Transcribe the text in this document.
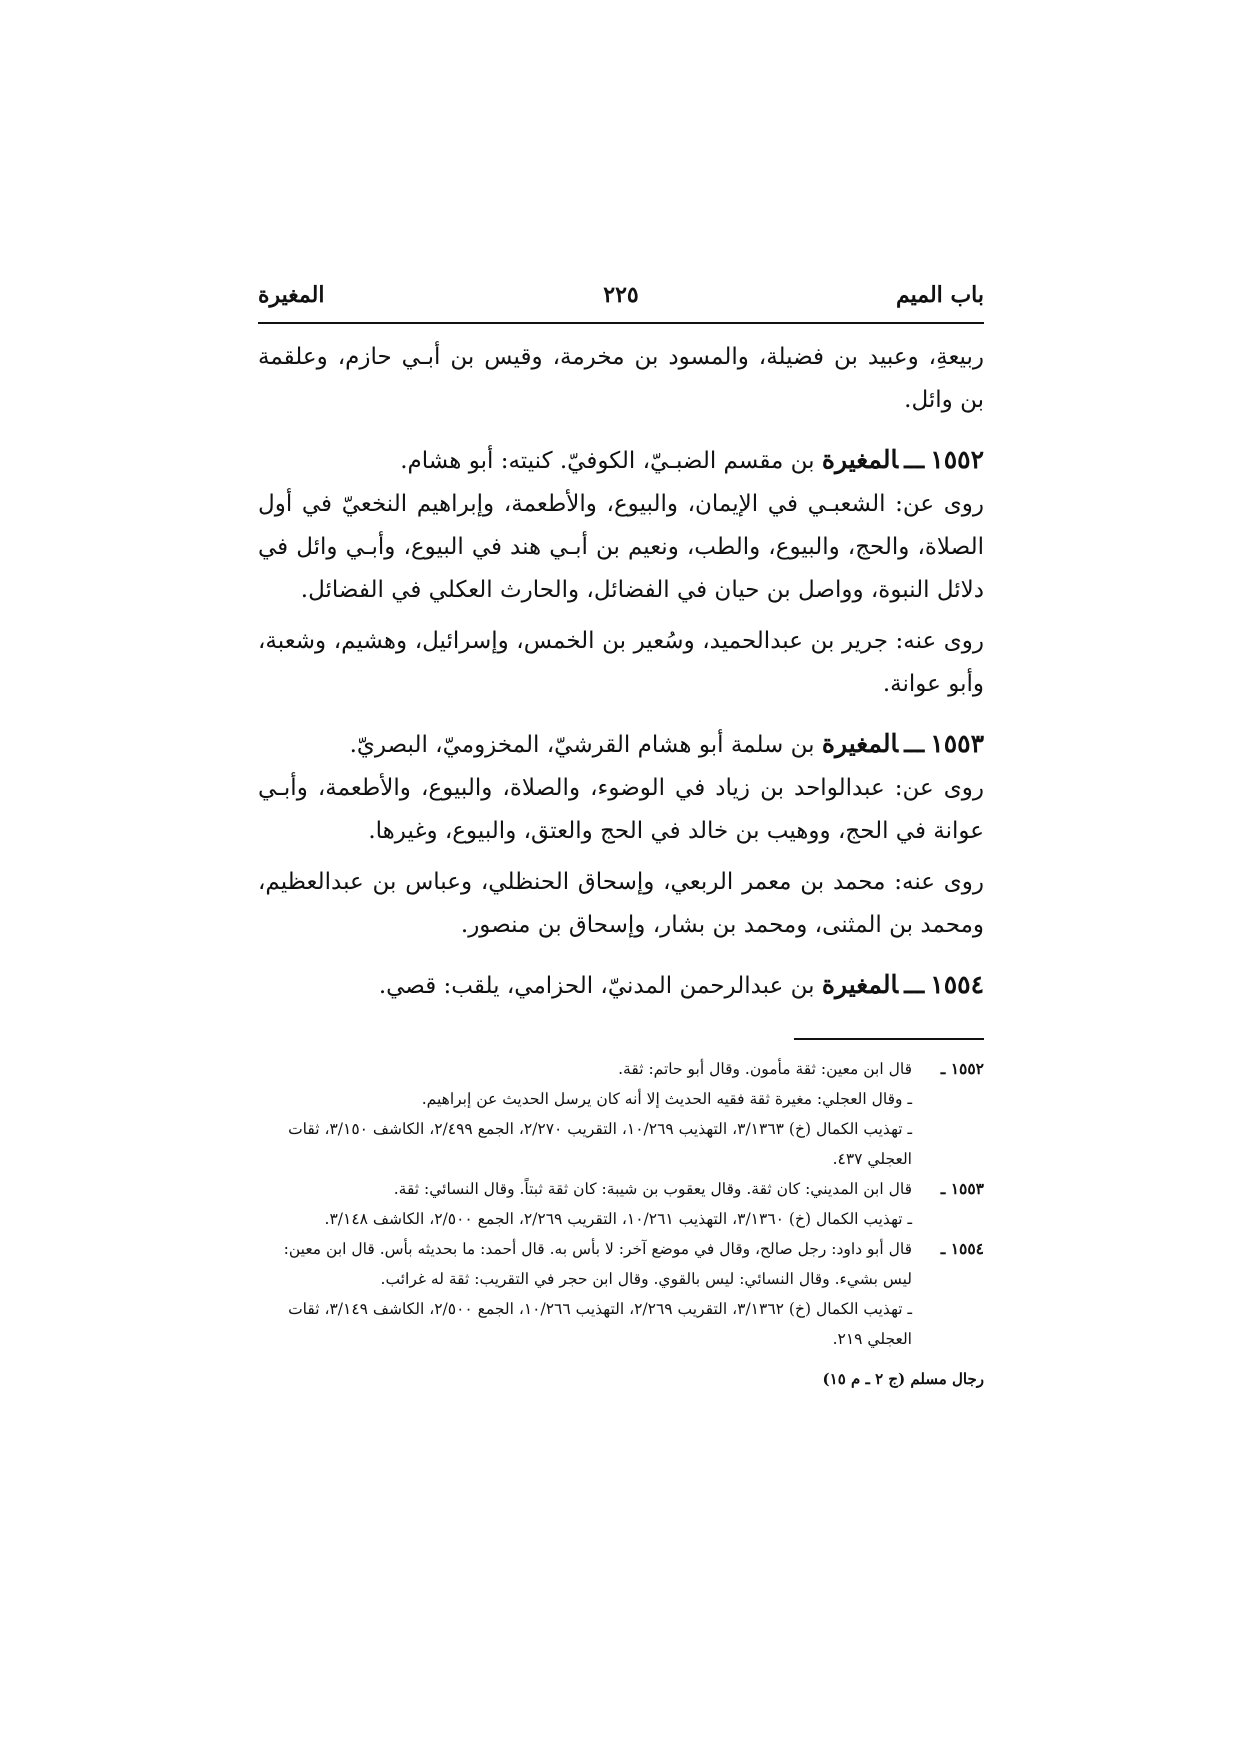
باب الميم
٢٢٥
المغيرة

ربيعةِ، وعبيد بن فضيلة، والمسود بن مخرمة، وقيس بن أبـي حازم، وعلقمة بن وائل.

١٥٥٢ـــالمغيرة بن مقسم الضبـيّ، الكوفيّ. كنيته: أبو هشام.

روى عن: الشعبـي في الإيمان، والبيوع، والأطعمة، وإبراهيم النخعيّ في أول الصلاة، والحج، والبيوع، والطب، ونعيم بن أبـي هند في البيوع، وأبـي وائل في دلائل النبوة، وواصل بن حيان في الفضائل، والحارث العكلي في الفضائل.

روى عنه: جرير بن عبدالحميد، وسُعير بن الخمس، وإسرائيل، وهشيم، وشعبة، وأبو عوانة.

١٥٥٣ـــالمغيرة بن سلمة أبو هشام القرشيّ، المخزوميّ، البصريّ.

روى عن: عبدالواحد بن زياد في الوضوء، والصلاة، والبيوع، والأطعمة، وأبـي عوانة في الحج، ووهيب بن خالد في الحج والعتق، والبيوع، وغيرها.

روى عنه: محمد بن معمر الربعي، وإسحاق الحنظلي، وعباس بن عبدالعظيم، ومحمد بن المثنى، ومحمد بن بشار، وإسحاق بن منصور.

١٥٥٤ـــالمغيرة بن عبدالرحمن المدنيّ، الحزامي، يلقب: قصي.

١٥٥٢ ـ

قال ابن معين: ثقة مأمون. وقال أبو حاتم: ثقة.

ـ وقال العجلي: مغيرة ثقة فقيه الحديث إلا أنه كان يرسل الحديث عن إبراهيم.

ـ تهذيب الكمال (خ) ٣/١٣٦٣، التهذيب ١٠/٢٦٩، التقريب ٢/٢٧٠، الجمع ٢/٤٩٩، الكاشف ٣/١٥٠، ثقات العجلي ٤٣٧.

١٥٥٣ ـ

قال ابن المديني: كان ثقة. وقال يعقوب بن شيبة: كان ثقة ثبتاً. وقال النسائي: ثقة.

ـ تهذيب الكمال (خ) ٣/١٣٦٠، التهذيب ١٠/٢٦١، التقريب ٢/٢٦٩، الجمع ٢/٥٠٠، الكاشف ٣/١٤٨.

١٥٥٤ ـ

قال أبو داود: رجل صالح، وقال في موضع آخر: لا بأس به. قال أحمد: ما بحديثه بأس. قال ابن معين: ليس بشيء. وقال النسائي: ليس بالقوي. وقال ابن حجر في التقريب: ثقة له غرائب.

ـ تهذيب الكمال (خ) ٣/١٣٦٢، التقريب ٢/٢٦٩، التهذيب ١٠/٢٦٦، الجمع ٢/٥٠٠، الكاشف ٣/١٤٩، ثقات العجلي ٢١٩.

رجال مسلم (ج ٢ ـ م ١٥)
